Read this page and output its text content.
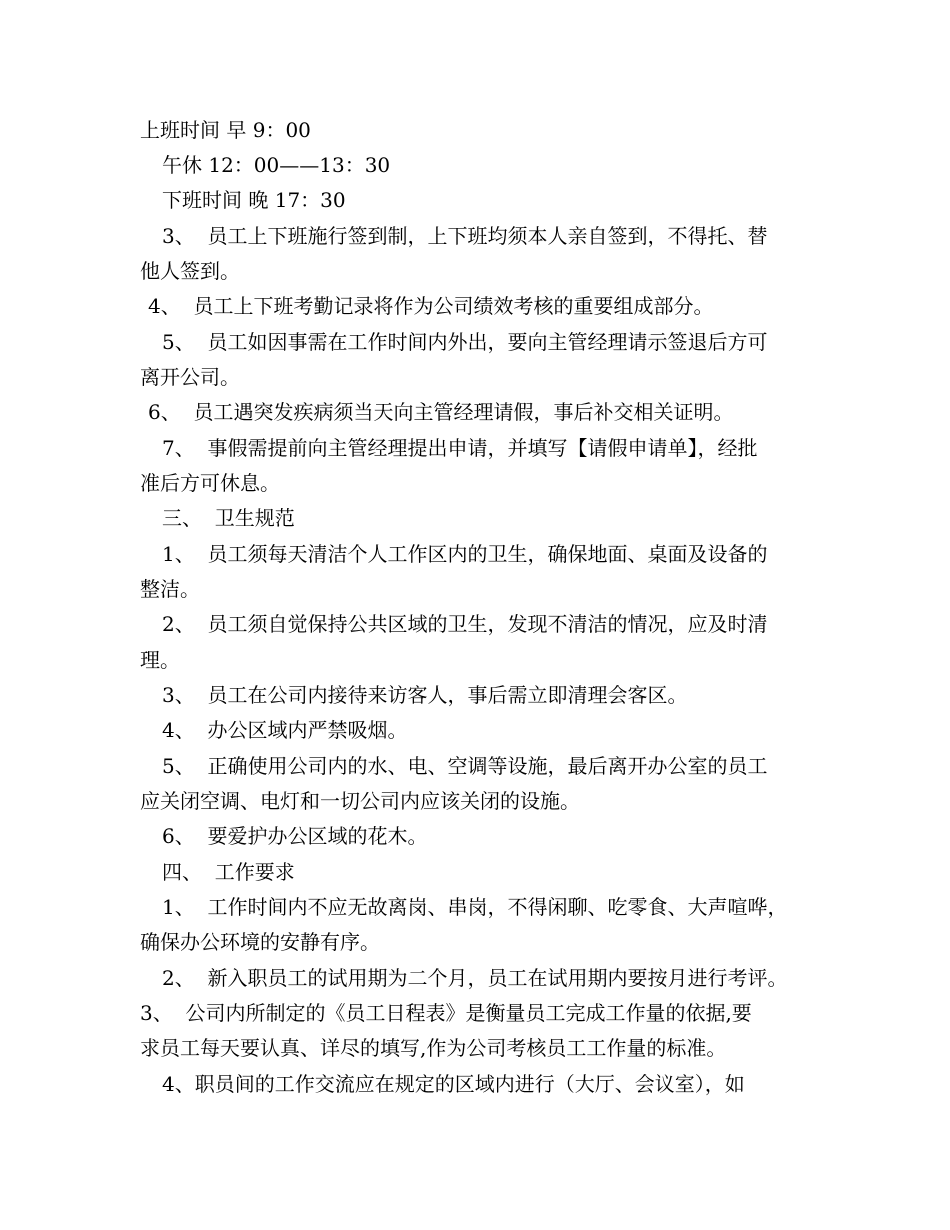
上班时间 早 9：00
午休 12：00——13：30
下班时间 晚 17：30
3、  员工上下班施行签到制，上下班均须本人亲自签到，不得托、替
他人签到。
4、  员工上下班考勤记录将作为公司绩效考核的重要组成部分。
5、  员工如因事需在工作时间内外出，要向主管经理请示签退后方可
离开公司。
6、  员工遇突发疾病须当天向主管经理请假，事后补交相关证明。
7、  事假需提前向主管经理提出申请，并填写【请假申请单】，经批
准后方可休息。
三、  卫生规范
1、  员工须每天清洁个人工作区内的卫生，确保地面、桌面及设备的
整洁。
2、  员工须自觉保持公共区域的卫生，发现不清洁的情况，应及时清
理。
3、  员工在公司内接待来访客人，事后需立即清理会客区。
4、  办公区域内严禁吸烟。
5、  正确使用公司内的水、电、空调等设施，最后离开办公室的员工
应关闭空调、电灯和一切公司内应该关闭的设施。
6、  要爱护办公区域的花木。
四、  工作要求
1、  工作时间内不应无故离岗、串岗，不得闲聊、吃零食、大声喧哗，
确保办公环境的安静有序。
2、  新入职员工的试用期为二个月，员工在试用期内要按月进行考评。
3、  公司内所制定的《员工日程表》是衡量员工完成工作量的依据,要
求员工每天要认真、详尽的填写,作为公司考核员工工作量的标准。
4、职员间的工作交流应在规定的区域内进行（大厅、会议室），如
